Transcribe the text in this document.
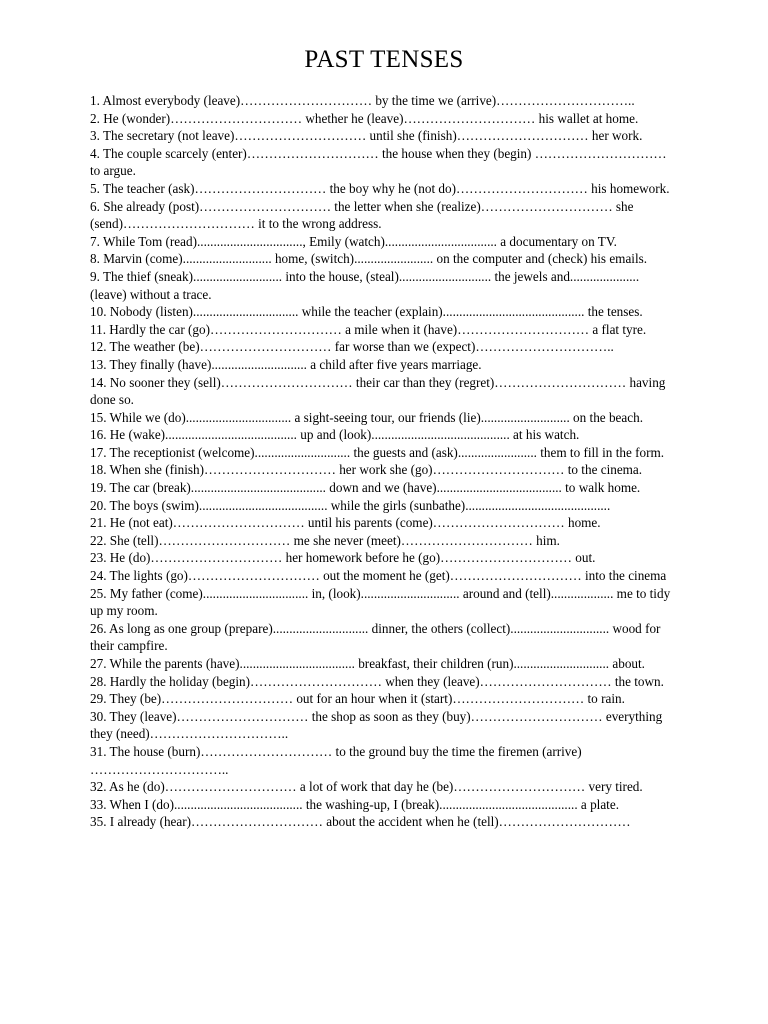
PAST TENSES

1. Almost everybody (leave)………………………… by the time we (arrive)…………………………..

2. He (wonder)………………………… whether he (leave)………………………… his wallet at home.

3. The secretary (not leave)………………………… until she (finish)………………………… her work.

4. The couple scarcely (enter)………………………… the house when they (begin) ………………………… to argue.

5. The teacher (ask)………………………… the boy why he (not do)………………………… his homework.

6. She already (post)………………………… the letter when she (realize)………………………… she (send)………………………… it to the wrong address.

7. While Tom (read)................................, Emily (watch).................................. a documentary on TV.

8. Marvin (come)........................... home, (switch)........................ on the computer and (check) his emails.

9. The thief (sneak)........................... into the house, (steal)............................ the jewels and..................... (leave) without a trace.

10. Nobody (listen)................................ while the teacher (explain)........................................... the tenses.

11. Hardly the car (go)………………………… a mile when it (have)………………………… a flat tyre.

12. The weather (be)………………………… far worse than we (expect)…………………………..

13. They finally (have)............................. a child after five years marriage.

14. No sooner they (sell)………………………… their car than they (regret)………………………… having done so.

15. While we (do)................................ a sight-seeing tour, our friends (lie)........................... on the beach.

16. He (wake)........................................ up and (look).......................................... at his watch.

17. The receptionist (welcome)............................. the guests and (ask)........................ them to fill in the form.

18. When she (finish)………………………… her work she (go)………………………… to the cinema.

19. The car (break)......................................... down and we (have)...................................... to walk home.

20. The boys (swim)....................................... while the girls (sunbathe)............................................

21. He (not eat)………………………… until his parents (come)………………………… home.

22. She (tell)………………………… me she never (meet)………………………… him.

23. He (do)………………………… her homework before he (go)………………………… out.

24. The lights (go)………………………… out the moment he (get)………………………… into the cinema

25. My father (come)................................ in, (look).............................. around and (tell)................... me to tidy up my room.

26. As long as one group (prepare)............................. dinner, the others (collect).............................. wood for their campfire.

27. While the parents (have)................................... breakfast, their children (run)............................. about.

28. Hardly the holiday (begin)………………………… when they (leave)………………………… the town.

29. They (be)………………………… out for an hour when it (start)………………………… to rain.

30. They (leave)………………………… the shop as soon as they (buy)………………………… everything they (need)…………………………..

31. The house (burn)………………………… to the ground buy the time the firemen (arrive) …………………………..

32. As he (do)………………………… a lot of work that day he (be)………………………… very tired.

33. When I (do)....................................... the washing-up, I (break).......................................... a plate.

35. I already (hear)………………………… about the accident when he (tell)…………………………
